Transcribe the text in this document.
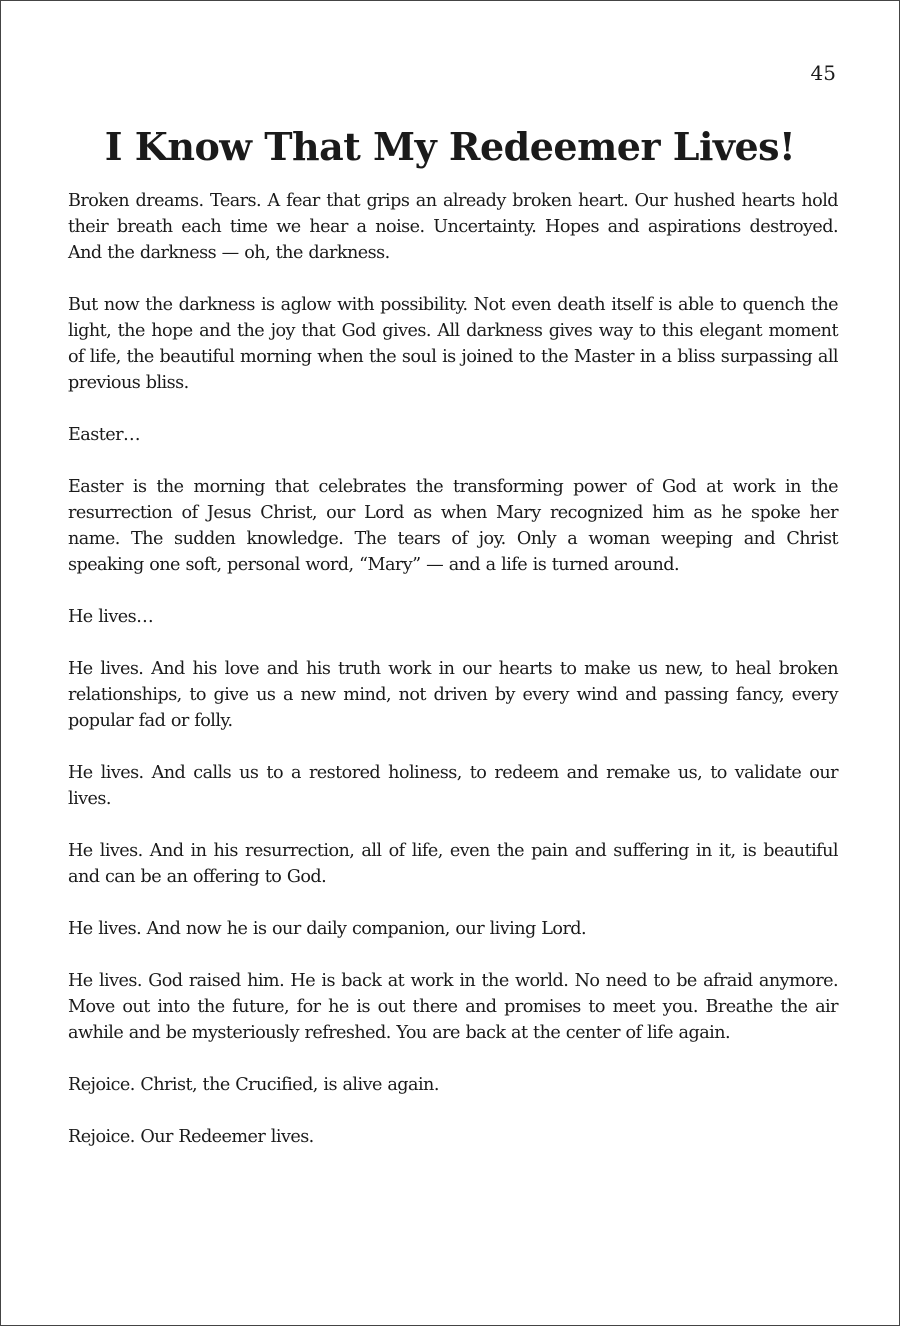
45
I Know That My Redeemer Lives!

Broken dreams. Tears. A fear that grips an already broken heart. Our hushed hearts hold their breath each time we hear a noise. Uncertainty. Hopes and aspirations destroyed. And the darkness — oh, the darkness.

But now the darkness is aglow with possibility. Not even death itself is able to quench the light, the hope and the joy that God gives. All darkness gives way to this elegant moment of life, the beautiful morning when the soul is joined to the Master in a bliss surpassing all previous bliss.

Easter…

Easter is the morning that celebrates the transforming power of God at work in the resurrection of Jesus Christ, our Lord as when Mary recognized him as he spoke her name. The sudden knowledge. The tears of joy. Only a woman weeping and Christ speaking one soft, personal word, “Mary” — and a life is turned around.

He lives…

He lives. And his love and his truth work in our hearts to make us new, to heal broken relationships, to give us a new mind, not driven by every wind and passing fancy, every popular fad or folly.

He lives. And calls us to a restored holiness, to redeem and remake us, to validate our lives.

He lives. And in his resurrection, all of life, even the pain and suffering in it, is beautiful and can be an offering to God.

He lives. And now he is our daily companion, our living Lord.

He lives. God raised him. He is back at work in the world. No need to be afraid anymore. Move out into the future, for he is out there and promises to meet you. Breathe the air awhile and be mysteriously refreshed. You are back at the center of life again.

Rejoice. Christ, the Crucified, is alive again.

Rejoice. Our Redeemer lives.
